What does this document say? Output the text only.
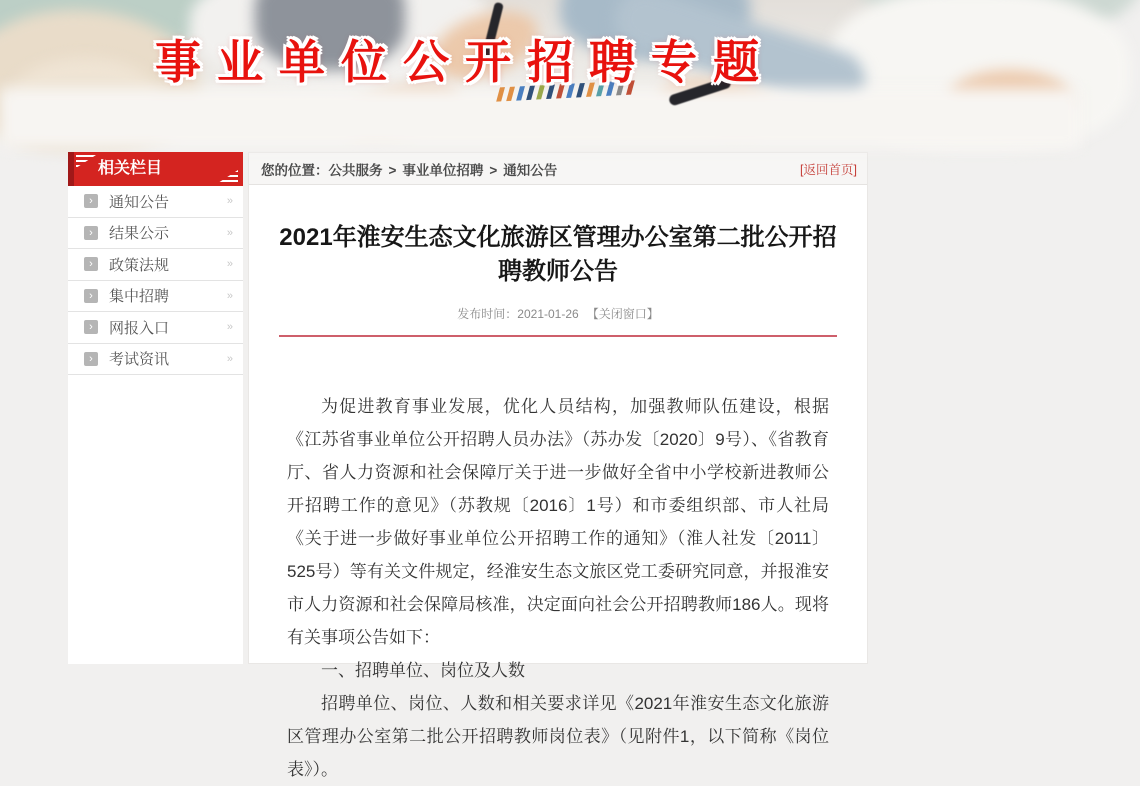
事业单位公开招聘专题
相关栏目
›	通知公告	»
›	结果公示	»
›	政策法规	»
›	集中招聘	»
›	网报入口	»
›	考试资讯	»
您的位置：公共服务 > 事业单位招聘 > 通知公告	[返回首页]
2021年淮安生态文化旅游区管理办公室第二批公开招聘教师公告
发布时间：2021-01-26 【关闭窗口】

为促进教育事业发展，优化人员结构，加强教师队伍建设，根据《江苏省事业单位公开招聘人员办法》（苏办发〔2020〕9号）、《省教育厅、省人力资源和社会保障厅关于进一步做好全省中小学校新进教师公开招聘工作的意见》（苏教规〔2016〕1号）和市委组织部、市人社局《关于进一步做好事业单位公开招聘工作的通知》（淮人社发〔2011〕525号）等有关文件规定，经淮安生态文旅区党工委研究同意，并报淮安市人力资源和社会保障局核准，决定面向社会公开招聘教师186人。现将有关事项公告如下：

一、招聘单位、岗位及人数

招聘单位、岗位、人数和相关要求详见《2021年淮安生态文化旅游区管理办公室第二批公开招聘教师岗位表》（见附件1，以下简称《岗位表》）。
